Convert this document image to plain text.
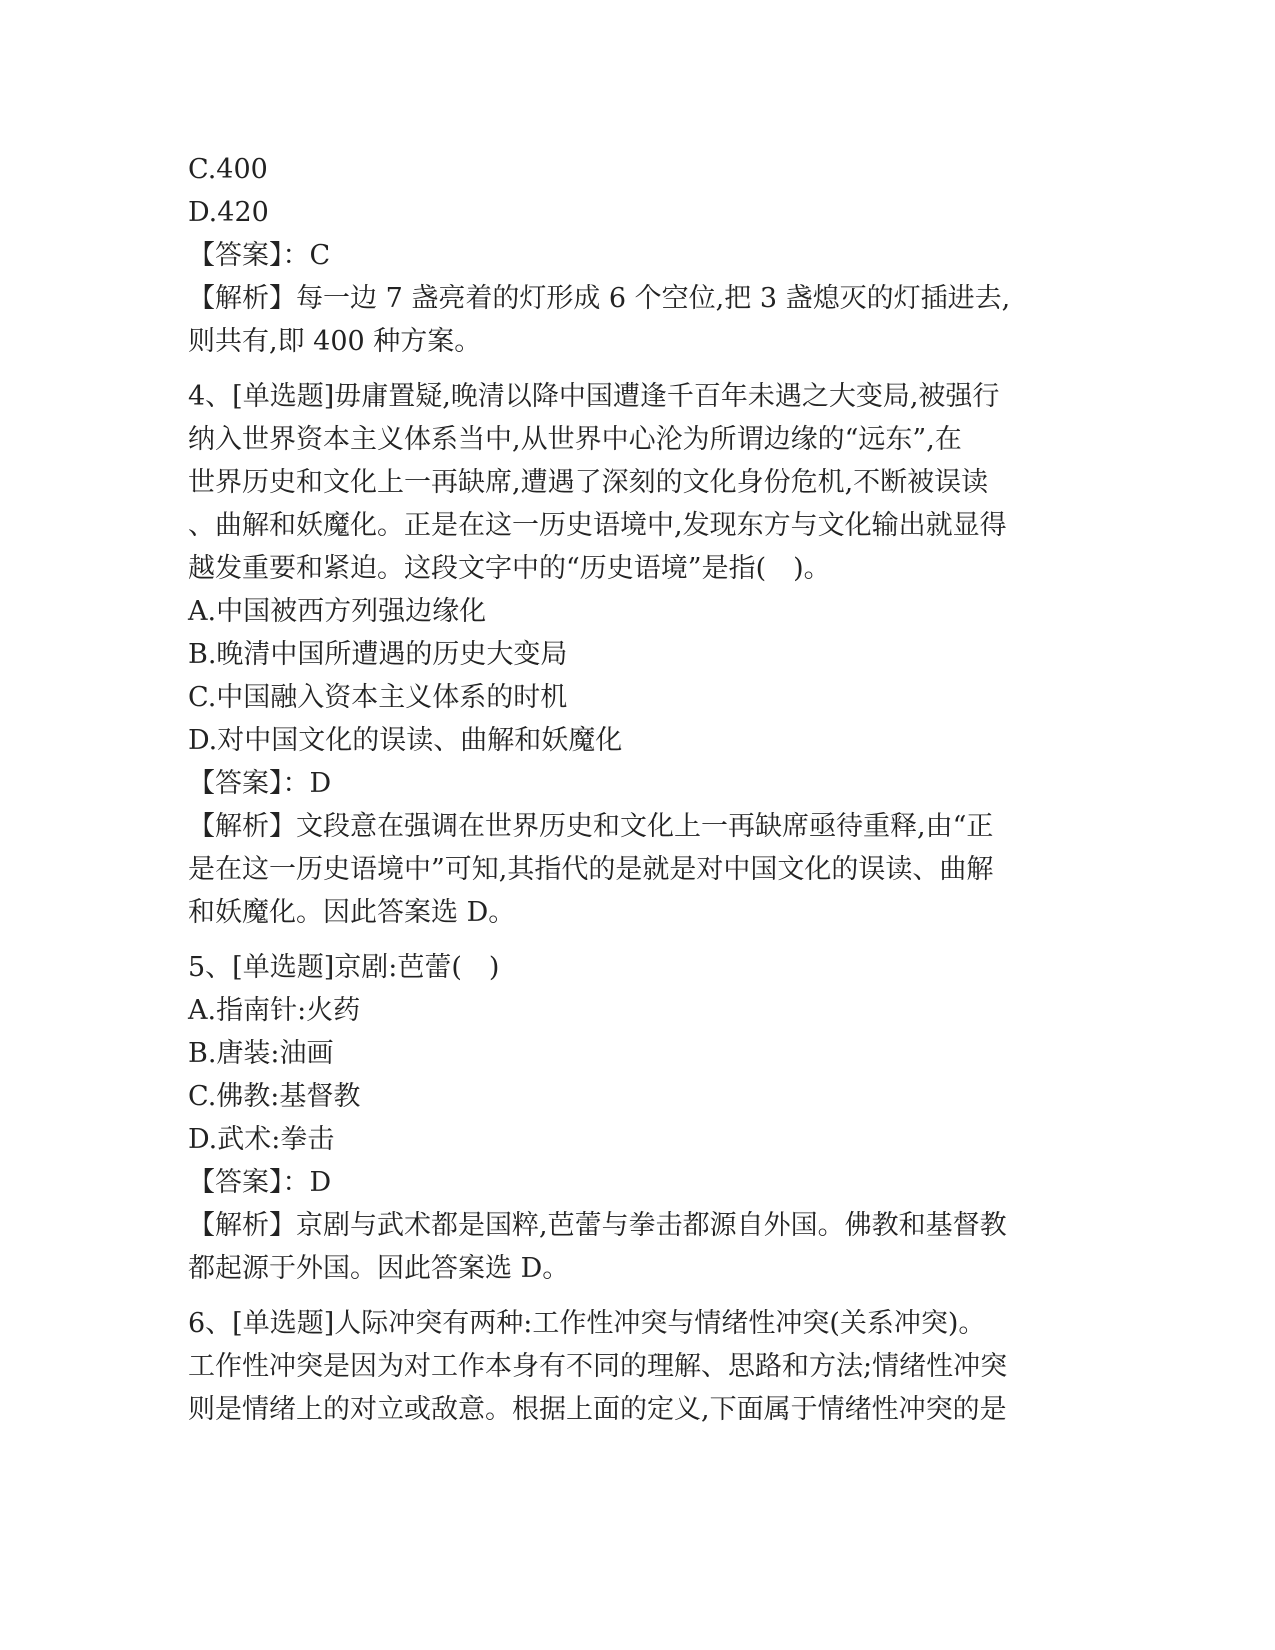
C.400
D.420
【答案】：C
【解析】每一边 7 盏亮着的灯形成 6 个空位,把 3 盏熄灭的灯插进去,
则共有,即 400 种方案。
4、[单选题]毋庸置疑,晚清以降中国遭逢千百年未遇之大变局,被强行
纳入世界资本主义体系当中,从世界中心沦为所谓边缘的“远东”,在
世界历史和文化上一再缺席,遭遇了深刻的文化身份危机,不断被误读
、曲解和妖魔化。正是在这一历史语境中,发现东方与文化输出就显得
越发重要和紧迫。这段文字中的“历史语境”是指(　)。
A.中国被西方列强边缘化
B.晚清中国所遭遇的历史大变局
C.中国融入资本主义体系的时机
D.对中国文化的误读、曲解和妖魔化
【答案】：D
【解析】文段意在强调在世界历史和文化上一再缺席亟待重释,由“正
是在这一历史语境中”可知,其指代的是就是对中国文化的误读、曲解
和妖魔化。因此答案选 D。
5、[单选题]京剧:芭蕾(　)
A.指南针:火药
B.唐装:油画
C.佛教:基督教
D.武术:拳击
【答案】：D
【解析】京剧与武术都是国粹,芭蕾与拳击都源自外国。佛教和基督教
都起源于外国。因此答案选 D。
6、[单选题]人际冲突有两种:工作性冲突与情绪性冲突(关系冲突)。
工作性冲突是因为对工作本身有不同的理解、思路和方法;情绪性冲突
则是情绪上的对立或敌意。根据上面的定义,下面属于情绪性冲突的是
